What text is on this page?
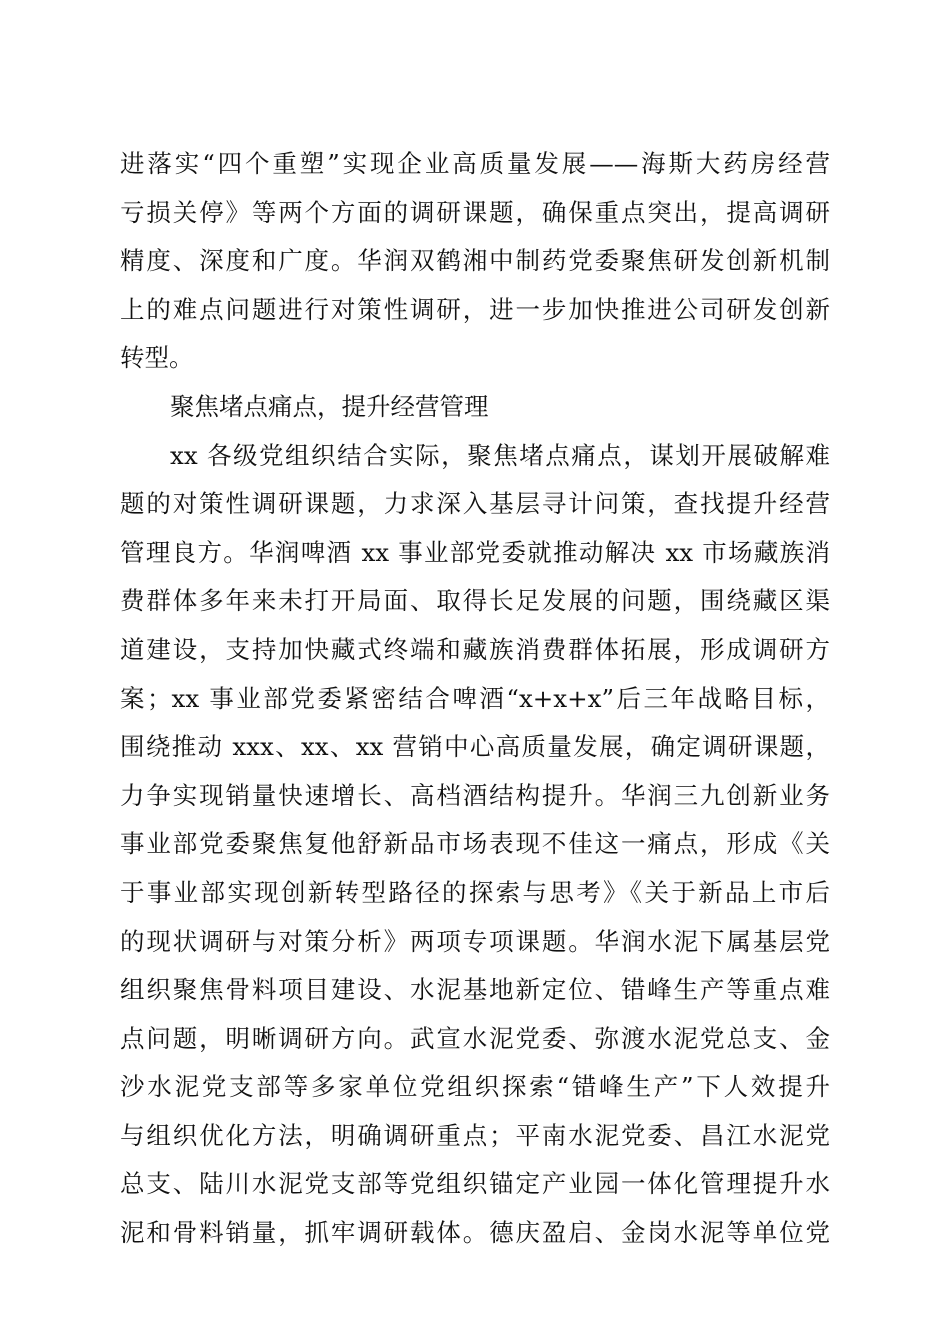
进落实“四个重塑”实现企业高质量发展——海斯大药房经营
亏损关停》等两个方面的调研课题，确保重点突出，提高调研
精度、深度和广度。华润双鹤湘中制药党委聚焦研发创新机制
上的难点问题进行对策性调研，进一步加快推进公司研发创新
转型。
聚焦堵点痛点，提升经营管理
xx 各级党组织结合实际，聚焦堵点痛点，谋划开展破解难
题的对策性调研课题，力求深入基层寻计问策，查找提升经营
管理良方。华润啤酒 xx 事业部党委就推动解决 xx 市场藏族消
费群体多年来未打开局面、取得长足发展的问题，围绕藏区渠
道建设，支持加快藏式终端和藏族消费群体拓展，形成调研方
案；xx 事业部党委紧密结合啤酒“x+x+x”后三年战略目标，
围绕推动 xxx、xx、xx 营销中心高质量发展，确定调研课题，
力争实现销量快速增长、高档酒结构提升。华润三九创新业务
事业部党委聚焦复他舒新品市场表现不佳这一痛点，形成《关
于事业部实现创新转型路径的探索与思考》《关于新品上市后
的现状调研与对策分析》两项专项课题。华润水泥下属基层党
组织聚焦骨料项目建设、水泥基地新定位、错峰生产等重点难
点问题，明晰调研方向。武宣水泥党委、弥渡水泥党总支、金
沙水泥党支部等多家单位党组织探索“错峰生产”下人效提升
与组织优化方法，明确调研重点；平南水泥党委、昌江水泥党
总支、陆川水泥党支部等党组织锚定产业园一体化管理提升水
泥和骨料销量，抓牢调研载体。德庆盈启、金岗水泥等单位党
